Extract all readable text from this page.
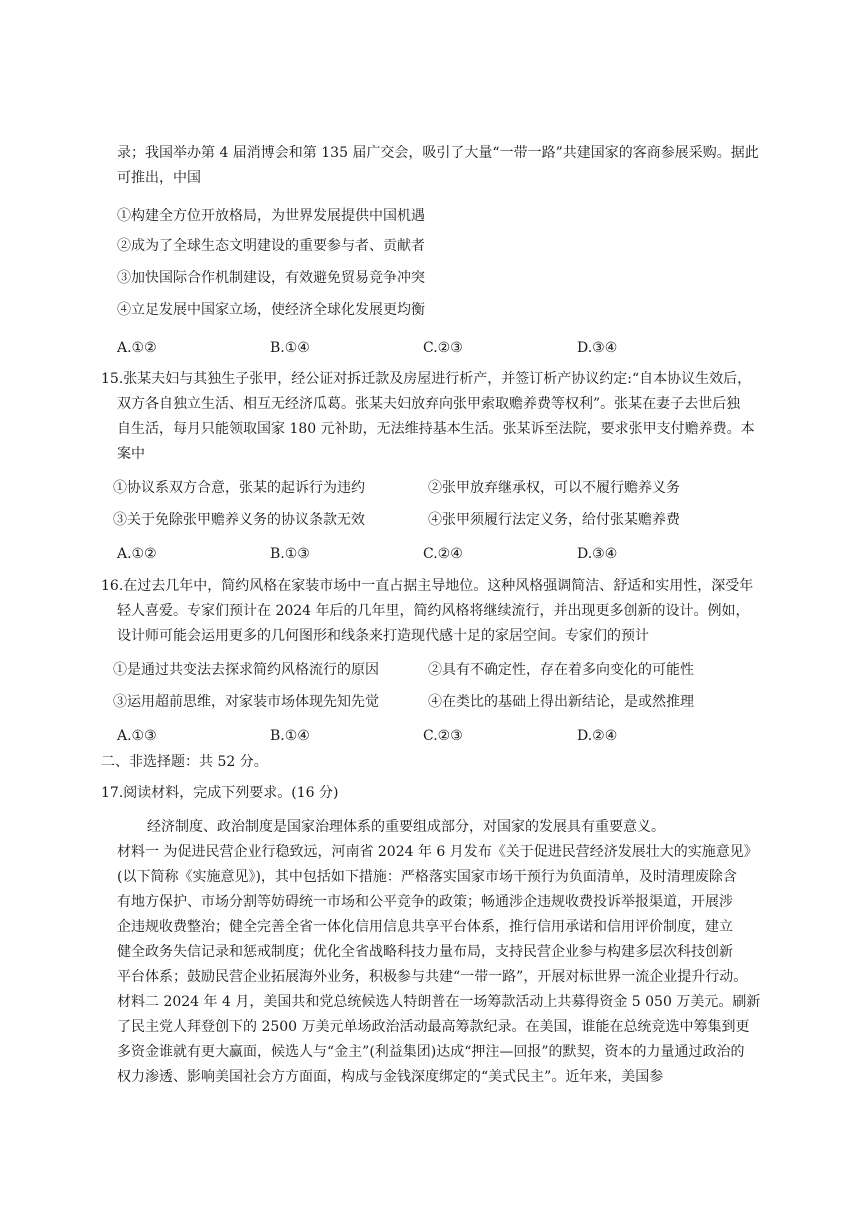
录；我国举办第 4 届消博会和第 135 届广交会，吸引了大量“一带一路”共建国家的客商参展采购。据此
可推出，中国
①构建全方位开放格局，为世界发展提供中国机遇
②成为了全球生态文明建设的重要参与者、贡献者
③加快国际合作机制建设，有效避免贸易竞争冲突
④立足发展中国家立场，使经济全球化发展更均衡
A.①②	B.①④	C.②③	D.③④
15.张某夫妇与其独生子张甲，经公证对拆迁款及房屋进行析产，并签订析产协议约定:“自本协议生效后，
双方各自独立生活、相互无经济瓜葛。张某夫妇放弃向张甲索取赡养费等权利”。张某在妻子去世后独
自生活，每月只能领取国家 180 元补助，无法维持基本生活。张某诉至法院，要求张甲支付赡养费。本
案中
①协议系双方合意，张某的起诉行为违约	②张甲放弃继承权，可以不履行赡养义务
③关于免除张甲赡养义务的协议条款无效	④张甲须履行法定义务，给付张某赡养费
A.①②	B.①③	C.②④	D.③④
16.在过去几年中，简约风格在家装市场中一直占据主导地位。这种风格强调简洁、舒适和实用性，深受年
轻人喜爱。专家们预计在 2024 年后的几年里，简约风格将继续流行，并出现更多创新的设计。例如，
设计师可能会运用更多的几何图形和线条来打造现代感十足的家居空间。专家们的预计
①是通过共变法去探求简约风格流行的原因	②具有不确定性，存在着多向变化的可能性
③运用超前思维，对家装市场体现先知先觉	④在类比的基础上得出新结论，是或然推理
A.①③	B.①④	C.②③	D.②④
二、非选择题：共 52 分。
17.阅读材料，完成下列要求。(16 分)
经济制度、政治制度是国家治理体系的重要组成部分，对国家的发展具有重要意义。
材料一 为促进民营企业行稳致远，河南省 2024 年 6 月发布《关于促进民营经济发展壮大的实施意见》
(以下简称《实施意见》)，其中包括如下措施：严格落实国家市场干预行为负面清单，及时清理废除含
有地方保护、市场分割等妨碍统一市场和公平竞争的政策；畅通涉企违规收费投诉举报渠道，开展涉
企违规收费整治；健全完善全省一体化信用信息共享平台体系，推行信用承诺和信用评价制度，建立
健全政务失信记录和惩戒制度；优化全省战略科技力量布局，支持民营企业参与构建多层次科技创新
平台体系；鼓励民营企业拓展海外业务，积极参与共建“一带一路”，开展对标世界一流企业提升行动。
材料二 2024 年 4 月，美国共和党总统候选人特朗普在一场筹款活动上共募得资金 5 050 万美元。刷新
了民主党人拜登创下的 2500 万美元单场政治活动最高筹款纪录。在美国，谁能在总统竞选中筹集到更
多资金谁就有更大赢面，候选人与“金主”(利益集团)达成“押注—回报”的默契，资本的力量通过政治的
权力渗透、影响美国社会方方面面，构成与金钱深度绑定的“美式民主”。近年来，美国参
